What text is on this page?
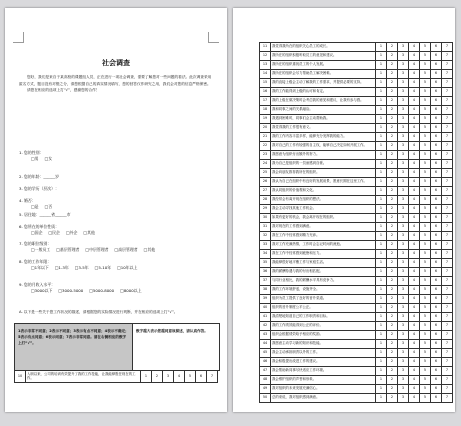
社会调查

您好，我们是来自于某高校的课题组人员，正在进行一项社会调查，需要了解您对一些问题的看法。此次调查采用匿名方式，题目没有对错之分，请您根据自己的真实情况填写，您的回答仅作研究之用，我们会对您的信息严格保密。

请您在相应的选项上打“√”，感谢您的合作！

1. 您的性别：
□男 □女
2. 您的年龄：______岁
3. 您的学历（层次）：
4. 婚否：
□是 □否
5. 居住地：______省______市
6. 您所在的单位性质：
□国企 □民企 □外企 □其他
7. 您的职位级别：
□一般员工 □基层管理者 □中层管理者 □高层管理者 □其他
8. 您的工作年限：
□1年以下 □1-3年 □3-5年 □5-10年 □10年以上
9. 您的月收入水平：
□3000以下 □3000-5000 □5000-8000 □8000以上
A. 以下是一些关于您工作状况的描述，请根据您的实际情况进行判断，并在相应的选项上打“√”。
1表示非常不同意；2表示不同意；3表示有点不同意；4表示不确定；5表示有点同意；6表示同意；7表示非常同意。请在右侧相应的数字上打“√”。
数字越大表示您越同意该描述，请认真作答。
10	入职以来，公司的培训有效提升了我的工作技能，让我能够胜任现在的工作。	1	2	3	4	5	6	7
11	我觉得我所在的组织关心员工的成长。	1	2	3	4	5	6	7
12	我所在的组织积极听取员工的意见和建议。	1	2	3	4	5	6	7
13	我所在的组织重视员工的个人发展。	1	2	3	4	5	6	7
14	我所在的组织会尽力帮助员工解决困难。	1	2	3	4	5	6	7
15	我的直接上级会主动了解我的工作需求，并提供必要的支持。	1	2	3	4	5	6	7
16	我的工作能得到上级的认可和肯定。	1	2	3	4	5	6	7
17	我的上级在做决策时会考虑我的意见和建议，让我有参与感。	1	2	3	4	5	6	7
18	我和同事之间的关系融洽。	1	2	3	4	5	6	7
19	我遇到困难时，同事们会主动帮助我。	1	2	3	4	5	6	7
20	我觉得我的工作很有意义。	1	2	3	4	5	6	7
21	我的工作内容丰富多样，能够充分发挥我的能力。	1	2	3	4	5	6	7
22	我对自己的工作有较强的自主权，能够自己决定如何开展工作。	1	2	3	4	5	6	7
23	我愿意为组织付出额外的努力。	1	2	3	4	5	6	7
24	我为自己是组织的一员而感到自豪。	1	2	3	4	5	6	7
25	我会向朋友推荐我所在的组织。	1	2	3	4	5	6	7
26	我认为自己在组织中有良好的发展前景，愿意长期在这里工作。	1	2	3	4	5	6	7
27	我认同组织的价值观和文化。	1	2	3	4	5	6	7
28	我经常会有离开现在组织的想法。	1	2	3	4	5	6	7
29	我会主动寻找其他工作机会。	1	2	3	4	5	6	7
30	如果有更好的机会，我会离开现在的组织。	1	2	3	4	5	6	7
31	我对现在的工作感到满意。	1	2	3	4	5	6	7
32	我在工作中经常感到精力充沛。	1	2	3	4	5	6	7
33	我对工作充满热情，工作时会忘记时间的流逝。	1	2	3	4	5	6	7
34	我在工作中经常感到疲惫和压力。	1	2	3	4	5	6	7
35	我能够很好地平衡工作与家庭生活。	1	2	3	4	5	6	7
36	我的薪酬待遇与我的付出相匹配。	1	2	3	4	5	6	7
37	与同行业相比，我的薪酬水平具有竞争力。	1	2	3	4	5	6	7
38	我的工作环境舒适，设施齐全。	1	2	3	4	5	6	7
39	组织为员工提供了良好的晋升渠道。	1	2	3	4	5	6	7
40	组织的晋升制度公平公正。	1	2	3	4	5	6	7
41	我清楚地知道自己的工作职责和目标。	1	2	3	4	5	6	7
42	我的工作绩效能得到公正的评价。	1	2	3	4	5	6	7
43	组织会根据绩效给予相应的奖励。	1	2	3	4	5	6	7
44	我愿意主动学习新的知识和技能。	1	2	3	4	5	6	7
45	我会主动承担职责以外的工作。	1	2	3	4	5	6	7
46	我会积极提出改进工作的建议。	1	2	3	4	5	6	7
47	我会帮助新同事尽快适应工作环境。	1	2	3	4	5	6	7
48	我会维护组织的声誉和形象。	1	2	3	4	5	6	7
49	我对组织的未来发展充满信心。	1	2	3	4	5	6	7
50	总的来说，我对组织感到满意。	1	2	3	4	5	6	7
